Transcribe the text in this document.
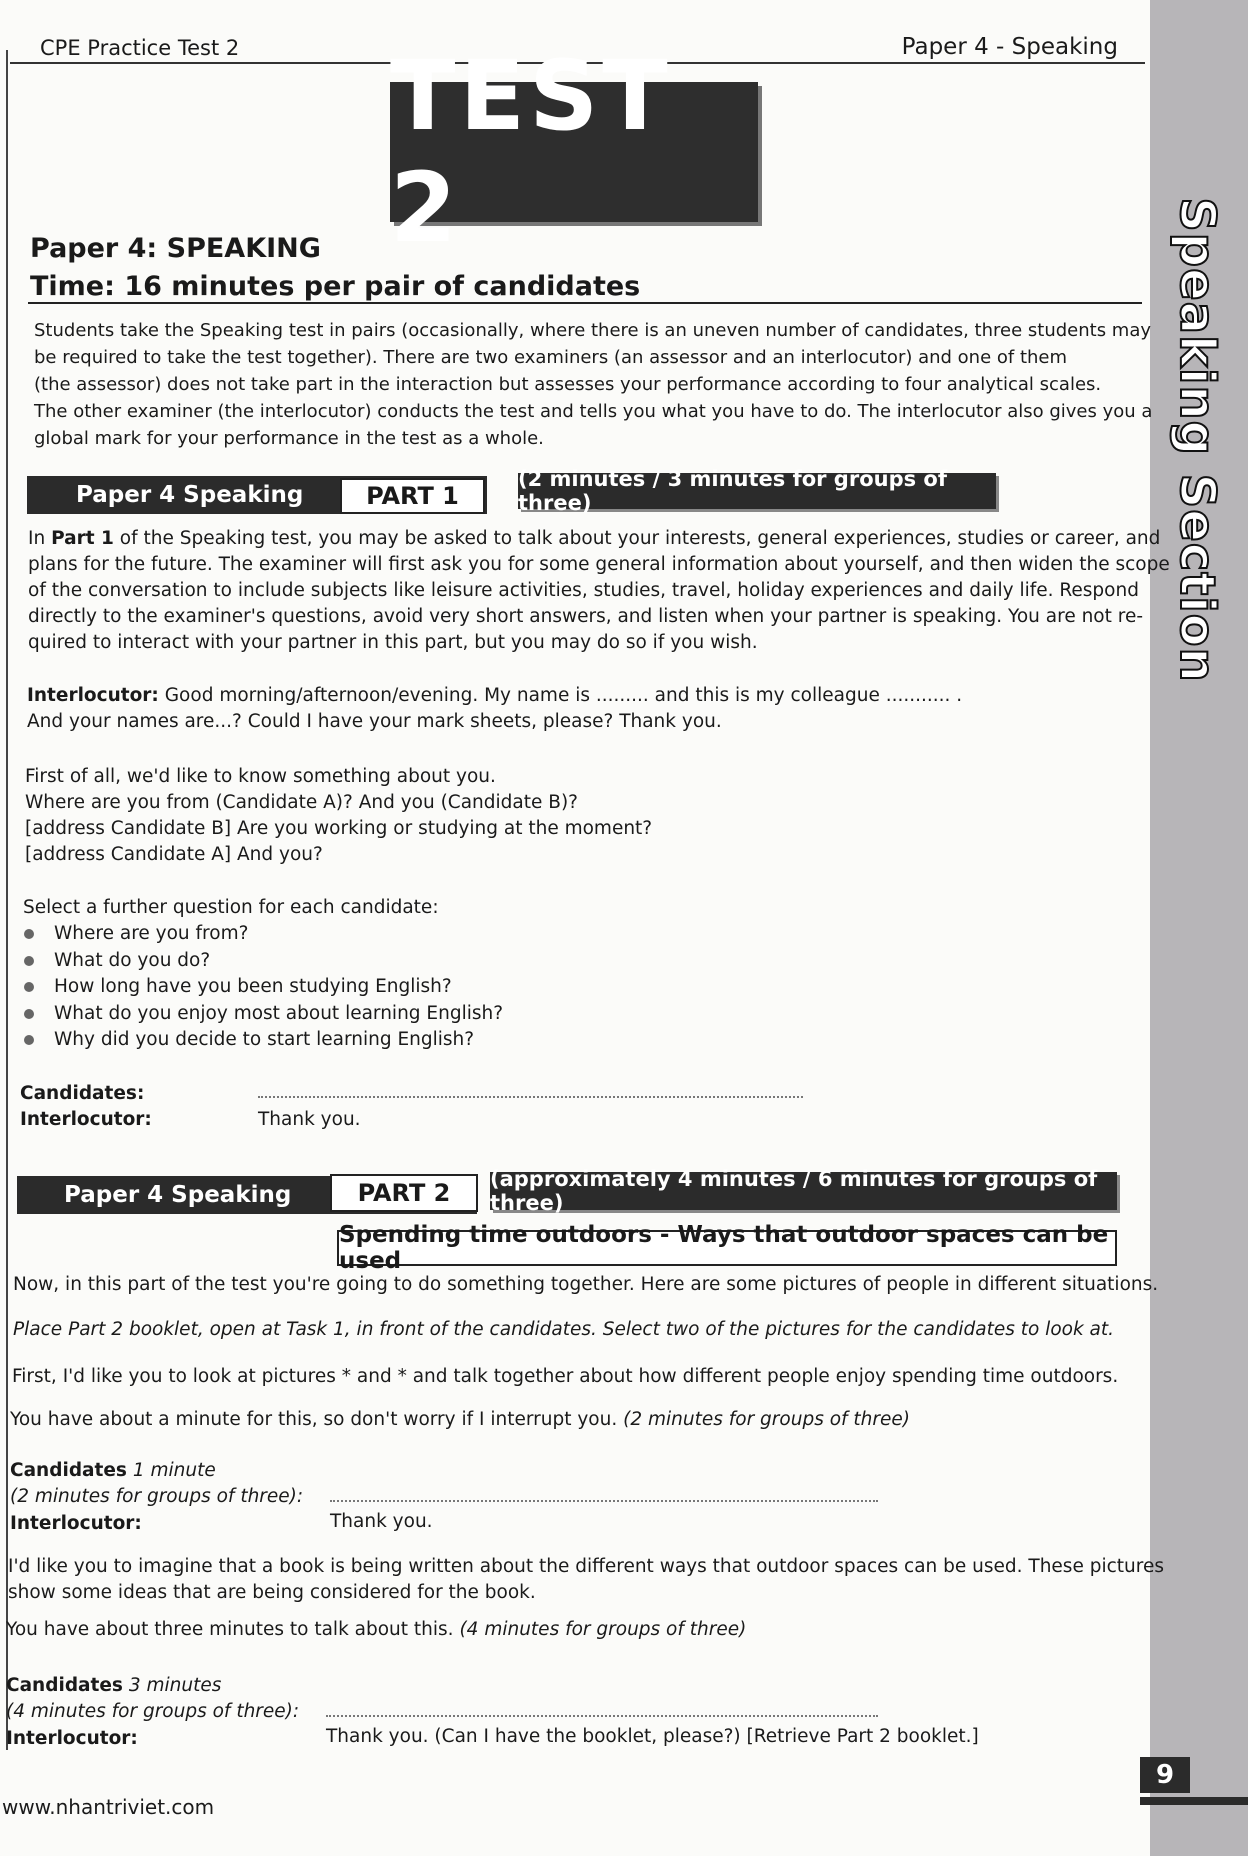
Speaking Section
CPE Practice Test 2	Paper 4 - Speaking
TEST 2
Paper 4: SPEAKING
Time: 16 minutes per pair of candidates
Students take the Speaking test in pairs (occasionally, where there is an uneven number of candidates, three students may
be required to take the test together). There are two examiners (an assessor and an interlocutor) and one of them
(the assessor) does not take part in the interaction but assesses your performance according to four analytical scales.
The other examiner (the interlocutor) conducts the test and tells you what you have to do. The interlocutor also gives you a
global mark for your performance in the test as a whole.
Paper 4 Speaking	PART 1
(2 minutes / 3 minutes for groups of three)
In Part 1 of the Speaking test, you may be asked to talk about your interests, general experiences, studies or career, and
plans for the future. The examiner will first ask you for some general information about yourself, and then widen the scope
of the conversation to include subjects like leisure activities, studies, travel, holiday experiences and daily life. Respond
directly to the examiner's questions, avoid very short answers, and listen when your partner is speaking. You are not re-
quired to interact with your partner in this part, but you may do so if you wish.
Interlocutor: Good morning/afternoon/evening. My name is ......... and this is my colleague ........... .
And your names are...? Could I have your mark sheets, please? Thank you.
First of all, we'd like to know something about you.
Where are you from (Candidate A)? And you (Candidate B)?
[address Candidate B] Are you working or studying at the moment?
[address Candidate A] And you?
Select a further question for each candidate:
Where are you from?
What do you do?
How long have you been studying English?
What do you enjoy most about learning English?
Why did you decide to start learning English?
Candidates:
Interlocutor:	Thank you.
Paper 4 Speaking	PART 2	(approximately 4 minutes / 6 minutes for groups of three)
Spending time outdoors - Ways that outdoor spaces can be used
Now, in this part of the test you're going to do something together. Here are some pictures of people in different situations.
Place Part 2 booklet, open at Task 1, in front of the candidates. Select two of the pictures for the candidates to look at.
First, I'd like you to look at pictures * and * and talk together about how different people enjoy spending time outdoors.
You have about a minute for this, so don't worry if I interrupt you. (2 minutes for groups of three)
Candidates 1 minute
(2 minutes for groups of three):
Interlocutor:	Thank you.
I'd like you to imagine that a book is being written about the different ways that outdoor spaces can be used. These pictures
show some ideas that are being considered for the book.
You have about three minutes to talk about this. (4 minutes for groups of three)
Candidates 3 minutes
(4 minutes for groups of three):
Interlocutor:	Thank you. (Can I have the booklet, please?) [Retrieve Part 2 booklet.]
9
www.nhantriviet.com
